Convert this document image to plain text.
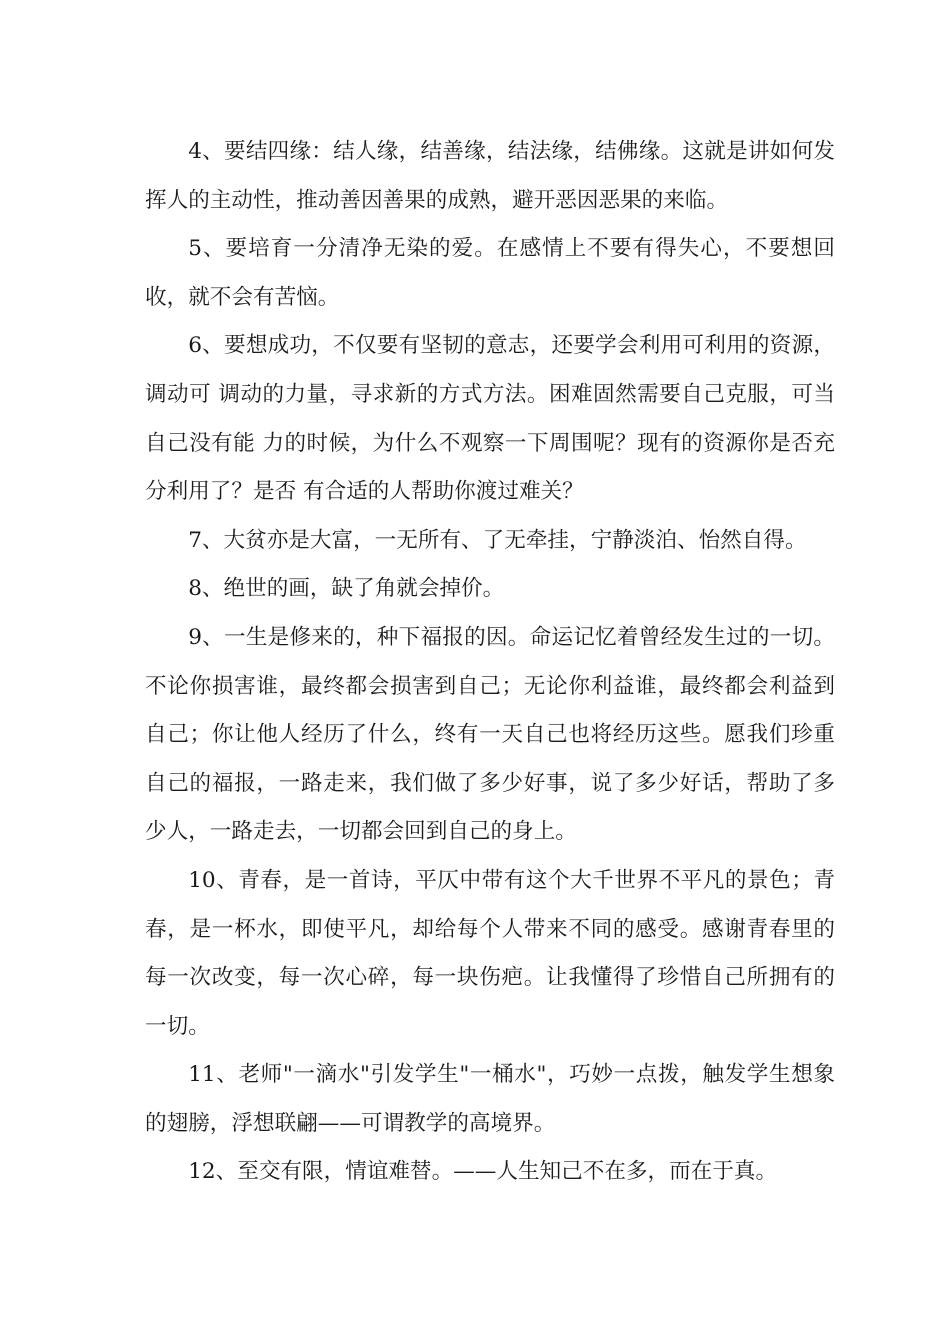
4、要结四缘：结人缘，结善缘，结法缘，结佛缘。这就是讲如何发挥人的主动性，推动善因善果的成熟，避开恶因恶果的来临。

5、要培育一分清净无染的爱。在感情上不要有得失心，不要想回收，就不会有苦恼。

6、要想成功，不仅要有坚韧的意志，还要学会利用可利用的资源，调动可 调动的力量，寻求新的方式方法。困难固然需要自己克服，可当自己没有能 力的时候，为什么不观察一下周围呢？现有的资源你是否充分利用了？是否 有合适的人帮助你渡过难关？

7、大贫亦是大富，一无所有、了无牵挂，宁静淡泊、怡然自得。

8、绝世的画，缺了角就会掉价。

9、一生是修来的，种下福报的因。命运记忆着曾经发生过的一切。不论你损害谁，最终都会损害到自己；无论你利益谁，最终都会利益到自己；你让他人经历了什么，终有一天自己也将经历这些。愿我们珍重自己的福报，一路走来，我们做了多少好事，说了多少好话，帮助了多少人，一路走去，一切都会回到自己的身上。

10、青春，是一首诗，平仄中带有这个大千世界不平凡的景色；青春，是一杯水，即使平凡，却给每个人带来不同的感受。感谢青春里的每一次改变，每一次心碎，每一块伤疤。让我懂得了珍惜自己所拥有的一切。

11、老师"一滴水"引发学生"一桶水"，巧妙一点拨，触发学生想象的翅膀，浮想联翩——可谓教学的高境界。

12、至交有限，情谊难替。——人生知己不在多，而在于真。
